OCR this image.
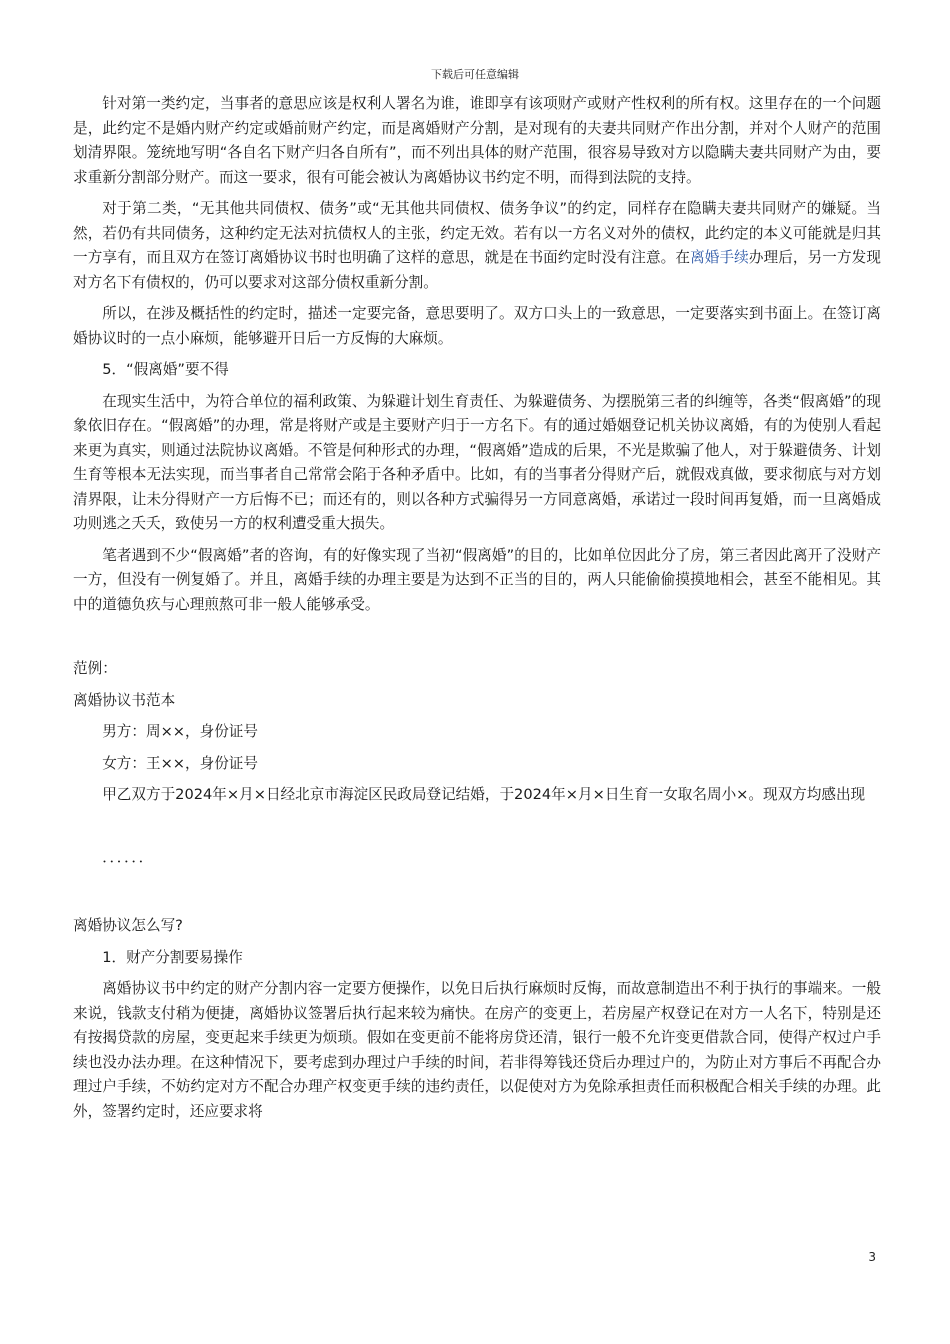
下载后可任意编辑

针对第一类约定，当事者的意思应该是权利人署名为谁，谁即享有该项财产或财产性权利的所有权。这里存在的一个问题是，此约定不是婚内财产约定或婚前财产约定，而是离婚财产分割，是对现有的夫妻共同财产作出分割，并对个人财产的范围划清界限。笼统地写明“各自名下财产归各自所有”，而不列出具体的财产范围，很容易导致对方以隐瞒夫妻共同财产为由，要求重新分割部分财产。而这一要求，很有可能会被认为离婚协议书约定不明，而得到法院的支持。

对于第二类，“无其他共同债权、债务”或“无其他共同债权、债务争议”的约定，同样存在隐瞒夫妻共同财产的嫌疑。当然，若仍有共同债务，这种约定无法对抗债权人的主张，约定无效。若有以一方名义对外的债权，此约定的本义可能就是归其一方享有，而且双方在签订离婚协议书时也明确了这样的意思，就是在书面约定时没有注意。在离婚手续办理后，另一方发现对方名下有债权的，仍可以要求对这部分债权重新分割。

所以，在涉及概括性的约定时，描述一定要完备，意思要明了。双方口头上的一致意思，一定要落实到书面上。在签订离婚协议时的一点小麻烦，能够避开日后一方反悔的大麻烦。

5．“假离婚”要不得

在现实生活中，为符合单位的福利政策、为躲避计划生育责任、为躲避债务、为摆脱第三者的纠缠等，各类“假离婚”的现象依旧存在。“假离婚”的办理，常是将财产或是主要财产归于一方名下。有的通过婚姻登记机关协议离婚，有的为使别人看起来更为真实，则通过法院协议离婚。不管是何种形式的办理，“假离婚”造成的后果，不光是欺骗了他人，对于躲避债务、计划生育等根本无法实现，而当事者自己常常会陷于各种矛盾中。比如，有的当事者分得财产后，就假戏真做，要求彻底与对方划清界限，让未分得财产一方后悔不已；而还有的，则以各种方式骗得另一方同意离婚，承诺过一段时间再复婚，而一旦离婚成功则逃之夭夭，致使另一方的权利遭受重大损失。

笔者遇到不少“假离婚”者的咨询，有的好像实现了当初“假离婚”的目的，比如单位因此分了房，第三者因此离开了没财产一方，但没有一例复婚了。并且，离婚手续的办理主要是为达到不正当的目的，两人只能偷偷摸摸地相会，甚至不能相见。其中的道德负疚与心理煎熬可非一般人能够承受。

范例：

离婚协议书范本

男方：周××，身份证号

女方：王××，身份证号

甲乙双方于2024年×月×日经北京市海淀区民政局登记结婚，于2024年×月×日生育一女取名周小×。现双方均感出现

．．．．．．

离婚协议怎么写?

1．财产分割要易操作

离婚协议书中约定的财产分割内容一定要方便操作，以免日后执行麻烦时反悔，而故意制造出不利于执行的事端来。一般来说，钱款支付稍为便捷，离婚协议签署后执行起来较为痛快。在房产的变更上，若房屋产权登记在对方一人名下，特别是还有按揭贷款的房屋，变更起来手续更为烦琐。假如在变更前不能将房贷还清，银行一般不允许变更借款合同，使得产权过户手续也没办法办理。在这种情况下，要考虑到办理过户手续的时间，若非得筹钱还贷后办理过户的，为防止对方事后不再配合办理过户手续，不妨约定对方不配合办理产权变更手续的违约责任，以促使对方为免除承担责任而积极配合相关手续的办理。此外，签署约定时，还应要求将

3
